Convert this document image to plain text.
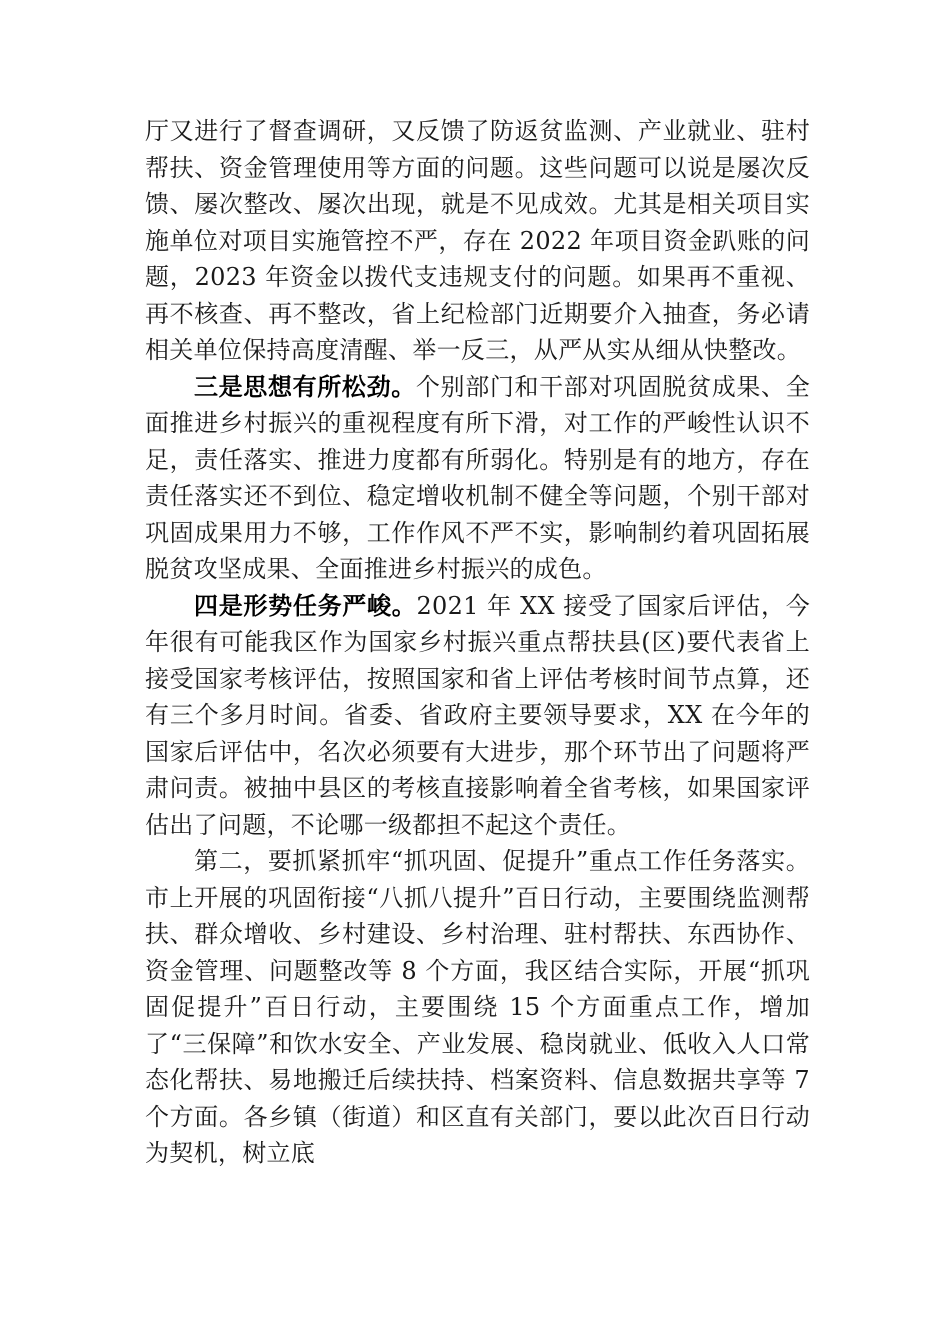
厅又进行了督查调研，又反馈了防返贫监测、产业就业、驻村帮扶、资金管理使用等方面的问题。这些问题可以说是屡次反馈、屡次整改、屡次出现，就是不见成效。尤其是相关项目实施单位对项目实施管控不严，存在 2022 年项目资金趴账的问题，2023 年资金以拨代支违规支付的问题。如果再不重视、再不核查、再不整改，省上纪检部门近期要介入抽查，务必请相关单位保持高度清醒、举一反三，从严从实从细从快整改。

三是思想有所松劲。个别部门和干部对巩固脱贫成果、全面推进乡村振兴的重视程度有所下滑，对工作的严峻性认识不足，责任落实、推进力度都有所弱化。特别是有的地方，存在责任落实还不到位、稳定增收机制不健全等问题，个别干部对巩固成果用力不够，工作作风不严不实，影响制约着巩固拓展脱贫攻坚成果、全面推进乡村振兴的成色。

四是形势任务严峻。2021 年 XX 接受了国家后评估，今年很有可能我区作为国家乡村振兴重点帮扶县(区)要代表省上接受国家考核评估，按照国家和省上评估考核时间节点算，还有三个多月时间。省委、省政府主要领导要求，XX 在今年的国家后评估中，名次必须要有大进步，那个环节出了问题将严肃问责。被抽中县区的考核直接影响着全省考核，如果国家评估出了问题，不论哪一级都担不起这个责任。

第二，要抓紧抓牢“抓巩固、促提升”重点工作任务落实。市上开展的巩固衔接“八抓八提升”百日行动，主要围绕监测帮扶、群众增收、乡村建设、乡村治理、驻村帮扶、东西协作、资金管理、问题整改等 8 个方面，我区结合实际，开展“抓巩固促提升”百日行动，主要围绕 15 个方面重点工作，增加了“三保障”和饮水安全、产业发展、稳岗就业、低收入人口常态化帮扶、易地搬迁后续扶持、档案资料、信息数据共享等 7 个方面。各乡镇（街道）和区直有关部门，要以此次百日行动为契机，树立底
